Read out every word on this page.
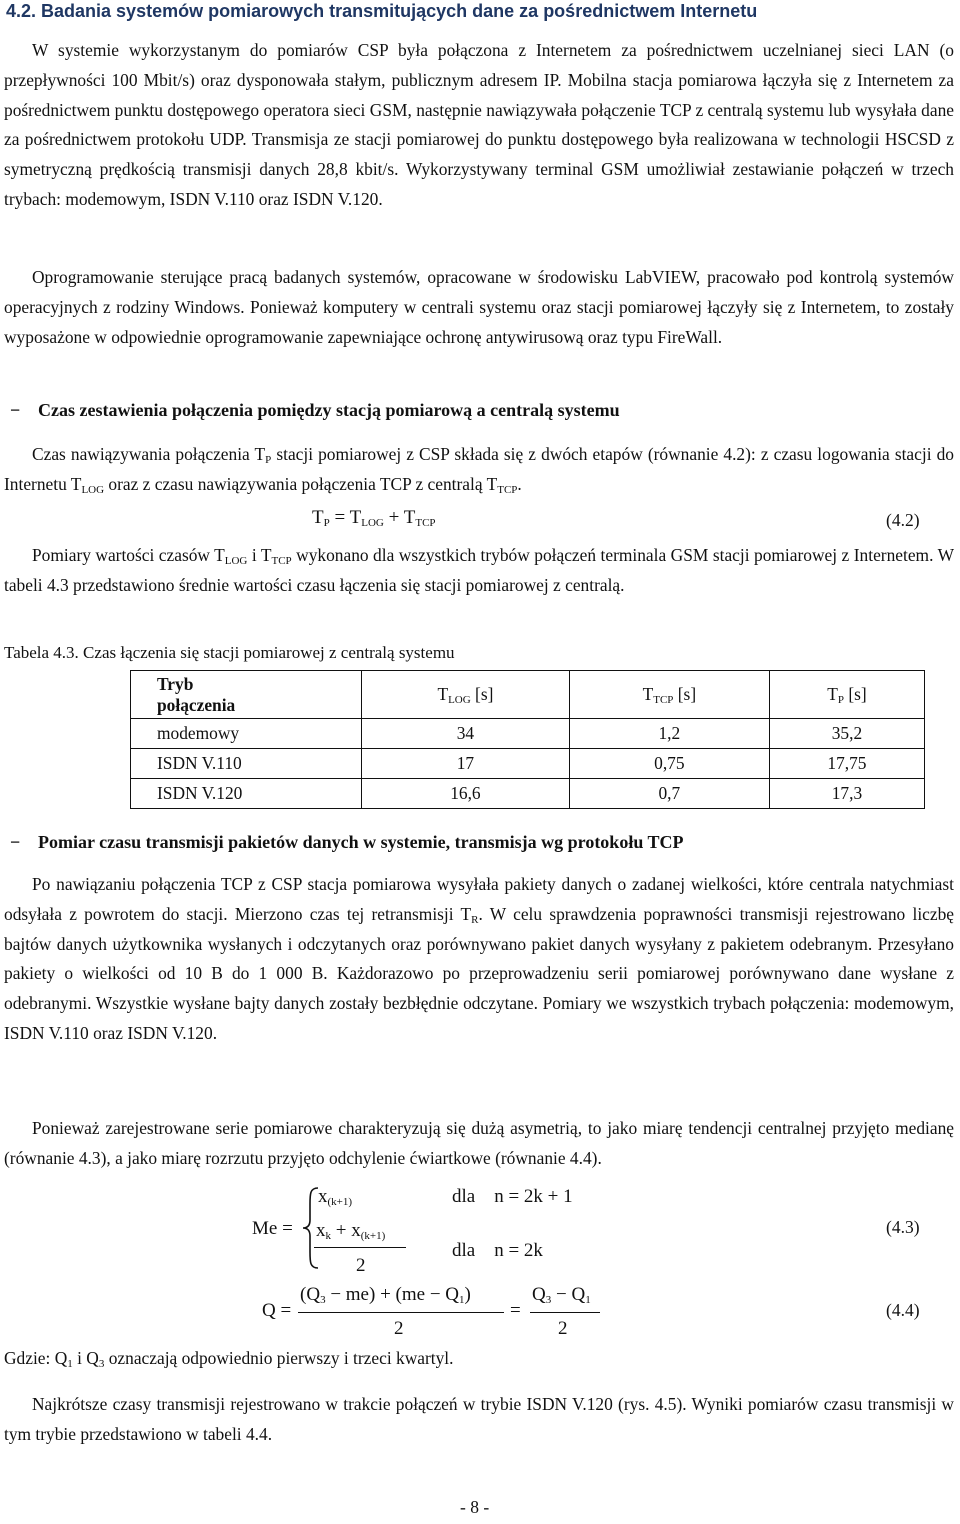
4.2. Badania systemów pomiarowych transmitujących dane za pośrednictwem Internetu
W systemie wykorzystanym do pomiarów CSP była połączona z Internetem za pośrednictwem uczelnianej sieci LAN (o przepływności 100 Mbit/s) oraz dysponowała stałym, publicznym adresem IP. Mobilna stacja pomiarowa łączyła się z Internetem za pośrednictwem punktu dostępowego operatora sieci GSM, następnie nawiązywała połączenie TCP z centralą systemu lub wysyłała dane za pośrednictwem protokołu UDP. Transmisja ze stacji pomiarowej do punktu dostępowego była realizowana w technologii HSCSD z symetryczną prędkością transmisji danych 28,8 kbit/s. Wykorzystywany terminal GSM umożliwiał zestawianie połączeń w trzech trybach: modemowym, ISDN V.110 oraz ISDN V.120.
Oprogramowanie sterujące pracą badanych systemów, opracowane w środowisku LabVIEW, pracowało pod kontrolą systemów operacyjnych z rodziny Windows. Ponieważ komputery w centrali systemu oraz stacji pomiarowej łączyły się z Internetem, to zostały wyposażone w odpowiednie oprogramowanie zapewniające ochronę antywirusową oraz typu FireWall.
− Czas zestawienia połączenia pomiędzy stacją pomiarową a centralą systemu
Czas nawiązywania połączenia $T_P$ stacji pomiarowej z CSP składa się z dwóch etapów (równanie 4.2): z czasu logowania stacji do Internetu $T_{LOG}$ oraz z czasu nawiązywania połączenia TCP z centralą $T_{TCP}$.
$T_P = T_{LOG} + T_{TCP}$	(4.2)
Pomiary wartości czasów $T_{LOG}$ i $T_{TCP}$ wykonano dla wszystkich trybów połączeń terminala GSM stacji pomiarowej z Internetem. W tabeli 4.3 przedstawiono średnie wartości czasu łączenia się stacji pomiarowej z centralą.
Tabela 4.3. Czas łączenia się stacji pomiarowej z centralą systemu
Tryb
połączenia	$T_{LOG}$ [s]	$T_{TCP}$ [s]	$T_P$ [s]
modemowy	34	1,2	35,2
ISDN V.110	17	0,75	17,75
ISDN V.120	16,6	0,7	17,3
− Pomiar czasu transmisji pakietów danych w systemie, transmisja wg protokołu TCP
Po nawiązaniu połączenia TCP z CSP stacja pomiarowa wysyłała pakiety danych o zadanej wielkości, które centrala natychmiast odsyłała z powrotem do stacji. Mierzono czas tej retransmisji $T_R$. W celu sprawdzenia poprawności transmisji rejestrowano liczbę bajtów danych użytkownika wysłanych i odczytanych oraz porównywano pakiet danych wysyłany z pakietem odebranym. Przesyłano pakiety o wielkości od 10 B do 1 000 B. Każdorazowo po przeprowadzeniu serii pomiarowej porównywano dane wysłane z odebranymi. Wszystkie wysłane bajty danych zostały bezbłędnie odczytane. Pomiary we wszystkich trybach połączenia: modemowym, ISDN V.110 oraz ISDN V.120.
Ponieważ zarejestrowane serie pomiarowe charakteryzują się dużą asymetrią, to jako miarę tendencji centralnej przyjęto medianę (równanie 4.3), a jako miarę rozrzutu przyjęto odchylenie ćwiartkowe (równanie 4.4).
Me =
$x_{(k+1)}$	dla n = 2k + 1
$x_k + x_{(k+1)}$
2
dla n = 2k
(4.3)
Q =
$(Q_3 - me) + (me - Q_1)$
2
=
$Q_3 - Q_1$
2
(4.4)
Gdzie: $Q_1$ i $Q_3$ oznaczają odpowiednio pierwszy i trzeci kwartyl.
Najkrótsze czasy transmisji rejestrowano w trakcie połączeń w trybie ISDN V.120 (rys. 4.5). Wyniki pomiarów czasu transmisji w tym trybie przedstawiono w tabeli 4.4.
- 8 -
